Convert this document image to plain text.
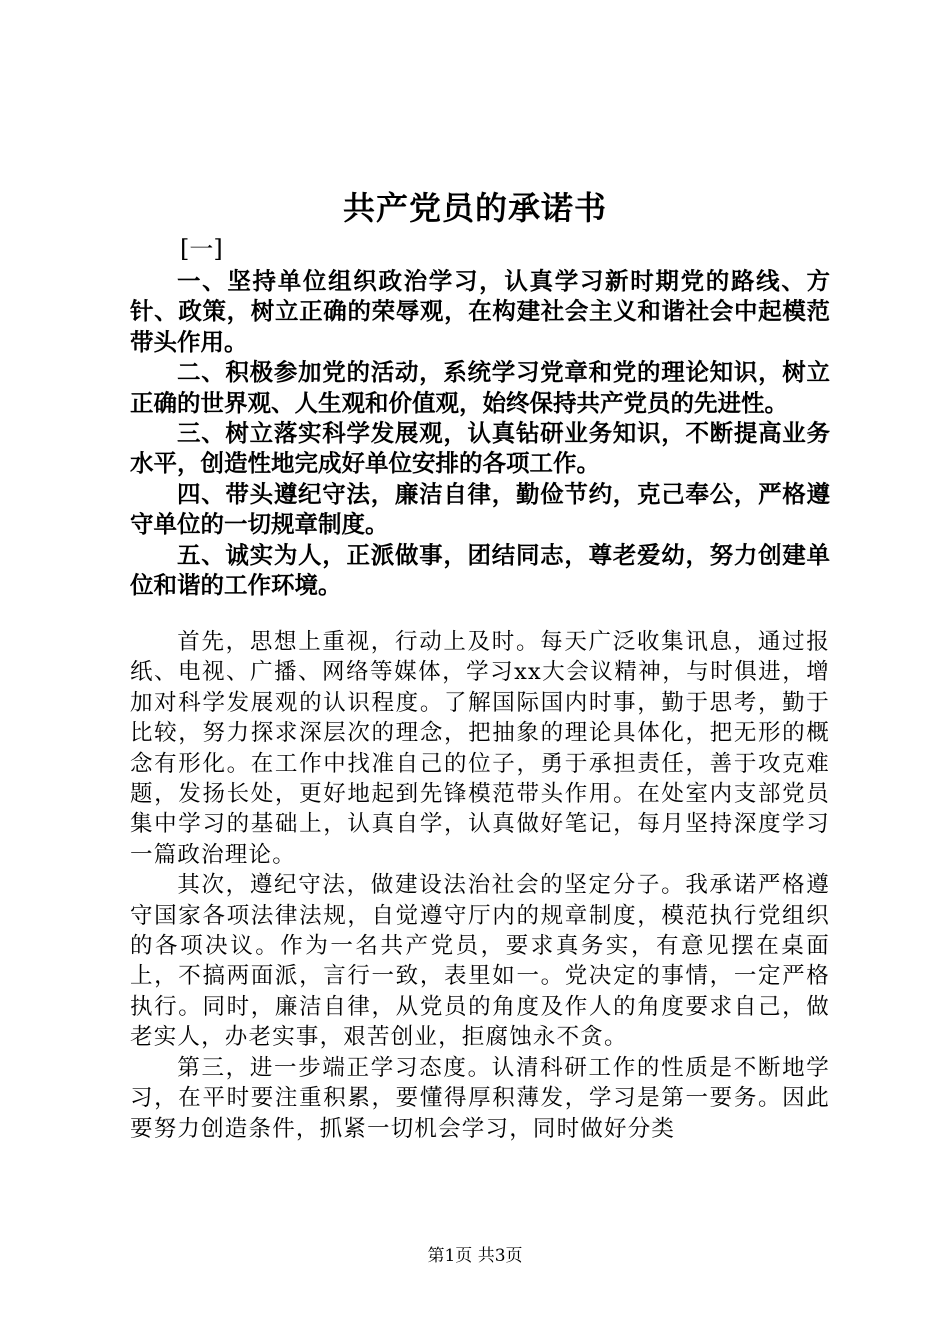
共产党员的承诺书
[一]

一、坚持单位组织政治学习，认真学习新时期党的路线、方针、政策，树立正确的荣辱观，在构建社会主义和谐社会中起模范带头作用。

二、积极参加党的活动，系统学习党章和党的理论知识，树立正确的世界观、人生观和价值观，始终保持共产党员的先进性。

三、树立落实科学发展观，认真钻研业务知识，不断提高业务水平，创造性地完成好单位安排的各项工作。

四、带头遵纪守法，廉洁自律，勤俭节约，克己奉公，严格遵守单位的一切规章制度。

五、诚实为人，正派做事，团结同志，尊老爱幼，努力创建单位和谐的工作环境。

首先，思想上重视，行动上及时。每天广泛收集讯息，通过报纸、电视、广播、网络等媒体，学习xx大会议精神，与时俱进，增加对科学发展观的认识程度。了解国际国内时事，勤于思考，勤于比较，努力探求深层次的理念，把抽象的理论具体化，把无形的概念有形化。在工作中找准自己的位子，勇于承担责任，善于攻克难题，发扬长处，更好地起到先锋模范带头作用。在处室内支部党员集中学习的基础上，认真自学，认真做好笔记，每月坚持深度学习一篇政治理论。

其次，遵纪守法，做建设法治社会的坚定分子。我承诺严格遵守国家各项法律法规，自觉遵守厅内的规章制度，模范执行党组织的各项决议。作为一名共产党员，要求真务实，有意见摆在桌面上，不搞两面派，言行一致，表里如一。党决定的事情，一定严格执行。同时，廉洁自律，从党员的角度及作人的角度要求自己，做老实人，办老实事，艰苦创业，拒腐蚀永不贪。

第三，进一步端正学习态度。认清科研工作的性质是不断地学习，在平时要注重积累，要懂得厚积薄发，学习是第一要务。因此要努力创造条件，抓紧一切机会学习，同时做好分类

第1页 共3页
